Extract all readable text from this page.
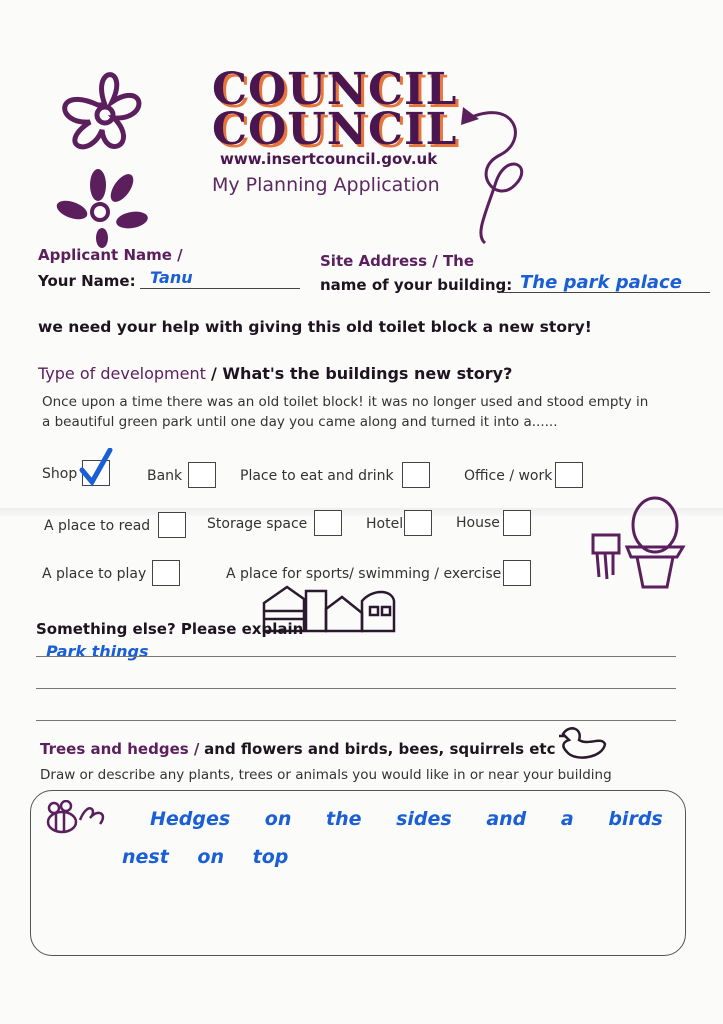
COUNCIL
COUNCIL
www.insertcouncil.gov.uk
My Planning Application
Applicant Name /
Your Name: Tanu
Site Address / The
name of your building: The park palace
we need your help with giving this old toilet block a new story!
Type of development / What's the buildings new story?
Once upon a time there was an old toilet block! it was no longer used and stood empty in
a beautiful green park until one day you came along and turned it into a......
Shop	Bank	Place to eat and drink	Office / work
A place to read	Storage space	Hotel	House
A place to play	A place for sports/ swimming / exercise
Something else? Please explain
Park things
Trees and hedges / and flowers and birds, bees, squirrels etc
Draw or describe any plants, trees or animals you would like in or near your building
Hedges on the sides and a birds
nest on top
